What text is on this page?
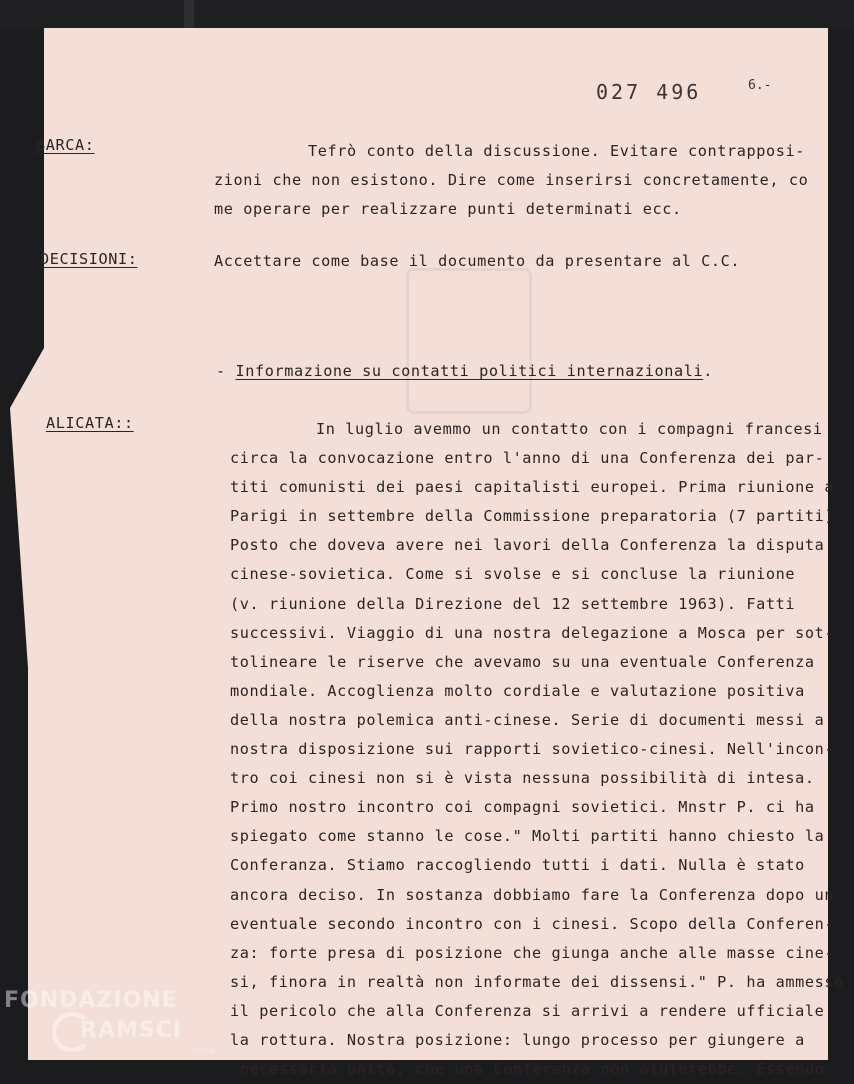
027 496	6.-
BARCA:	Tefrò conto della discussione. Evitare contrapposi-
zioni che non esistono. Dire come inserirsi concretamente, co
me operare per realizzare punti determinati ecc.
DECISIONI:	Accettare come base il documento da presentare al C.C.
- Informazione su contatti politici internazionali.
ALICATA::	In luglio avemmo un contatto con i compagni francesi
circa la convocazione entro l'anno di una Conferenza dei par-
titi comunisti dei paesi capitalisti europei. Prima riunione a
Parigi in settembre della Commissione preparatoria (7 partiti).
Posto che doveva avere nei lavori della Conferenza la disputa
cinese-sovietica. Come si svolse e si concluse la riunione
(v. riunione della Direzione del 12 settembre 1963). Fatti
successivi. Viaggio di una nostra delegazione a Mosca per sot-
tolineare le riserve che avevamo su una eventuale Conferenza
mondiale. Accoglienza molto cordiale e valutazione positiva
della nostra polemica anti-cinese. Serie di documenti messi a
nostra disposizione sui rapporti sovietico-cinesi. Nell'incon-
tro coi cinesi non si è vista nessuna possibilità di intesa.
Primo nostro incontro coi compagni sovietici. Mnstr P. ci ha
spiegato come stanno le cose." Molti partiti hanno chiesto la
Conferanza. Stiamo raccogliendo tutti i dati. Nulla è stato
ancora deciso. In sostanza dobbiamo fare la Conferenza dopo un
eventuale secondo incontro con i cinesi. Scopo della Conferen-
za: forte presa di posizione che giunga anche alle masse cine-
si, finora in realtà non informate dei dissensi." P. ha ammesso
il pericolo che alla Conferenza si arrivi a rendere ufficiale
la rottura. Nostra posizione: lungo processo per giungere a
necessaria unità, che una Conferenza non aiuterebbe. Essendo
FONDAZIONE
RAMSCI
onlus
